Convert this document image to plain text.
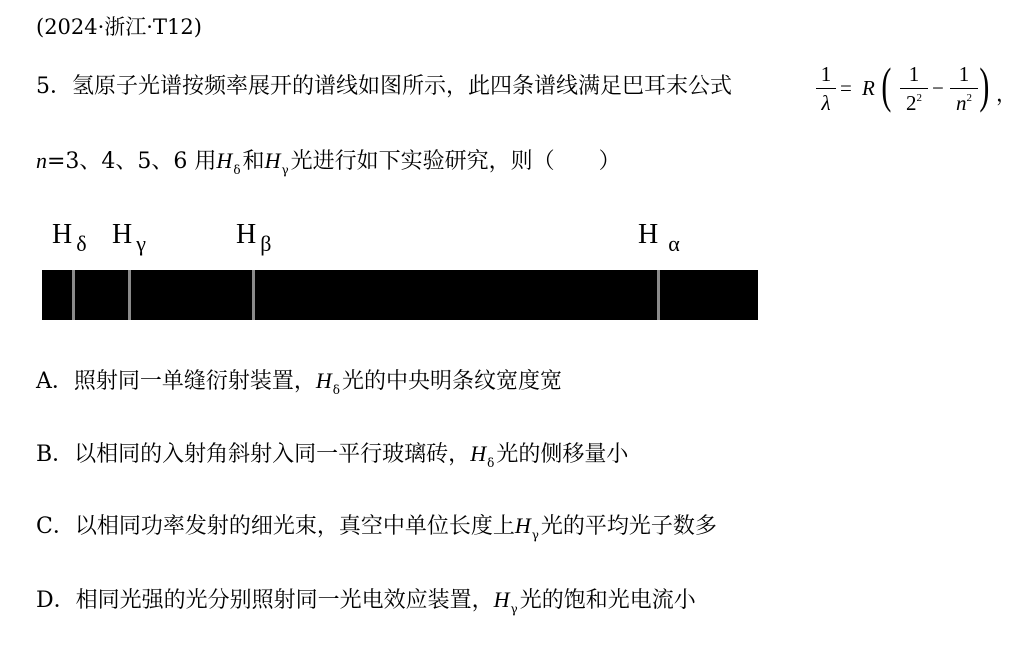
(2024·浙江·T12)
5．氢原子光谱按频率展开的谱线如图所示，此四条谱线满足巴耳末公式	1
λ
= R ( 1
$2^2$ −
1
$n^2$ ) ，
n=3、4、5、6 用$H_\delta$和$H_\gamma$光进行如下实验研究，则（ ）
H $_\delta$ H $_\gamma$	H $_\beta$	H $_\alpha$
A．照射同一单缝衍射装置，$H_\delta$光的中央明条纹宽度宽
B．以相同的入射角斜射入同一平行玻璃砖，$H_\delta$光的侧移量小
C．以相同功率发射的细光束，真空中单位长度上$H_\gamma$光的平均光子数多
D．相同光强的光分别照射同一光电效应装置，$H_\gamma$光的饱和光电流小
